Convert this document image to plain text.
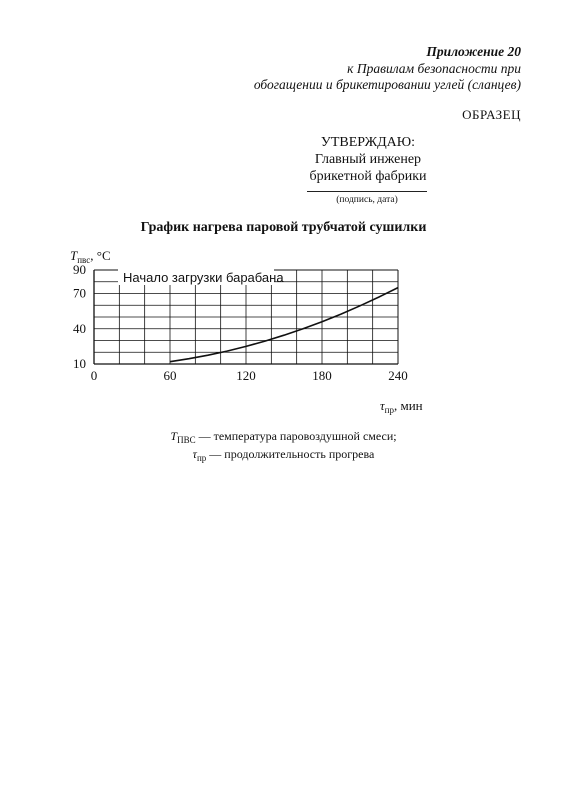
Приложение 20
к Правилам безопасности при
обогащении и брикетировании углей (сланцев)
ОБРАЗЕЦ
УТВЕРЖДАЮ:
Главный инженер
брикетной фабрики
(подпись, дата)
График нагрева паровой трубчатой сушилки
Начало загрузки барабана
$T_{пвс}$, °C
$\tau_{пр}$, мин
0	60	120	180	240
10
40
70
90
$T_{ПВС}$ — температура паровоздушной смеси;
$\tau_{пр}$ — продолжительность прогрева
